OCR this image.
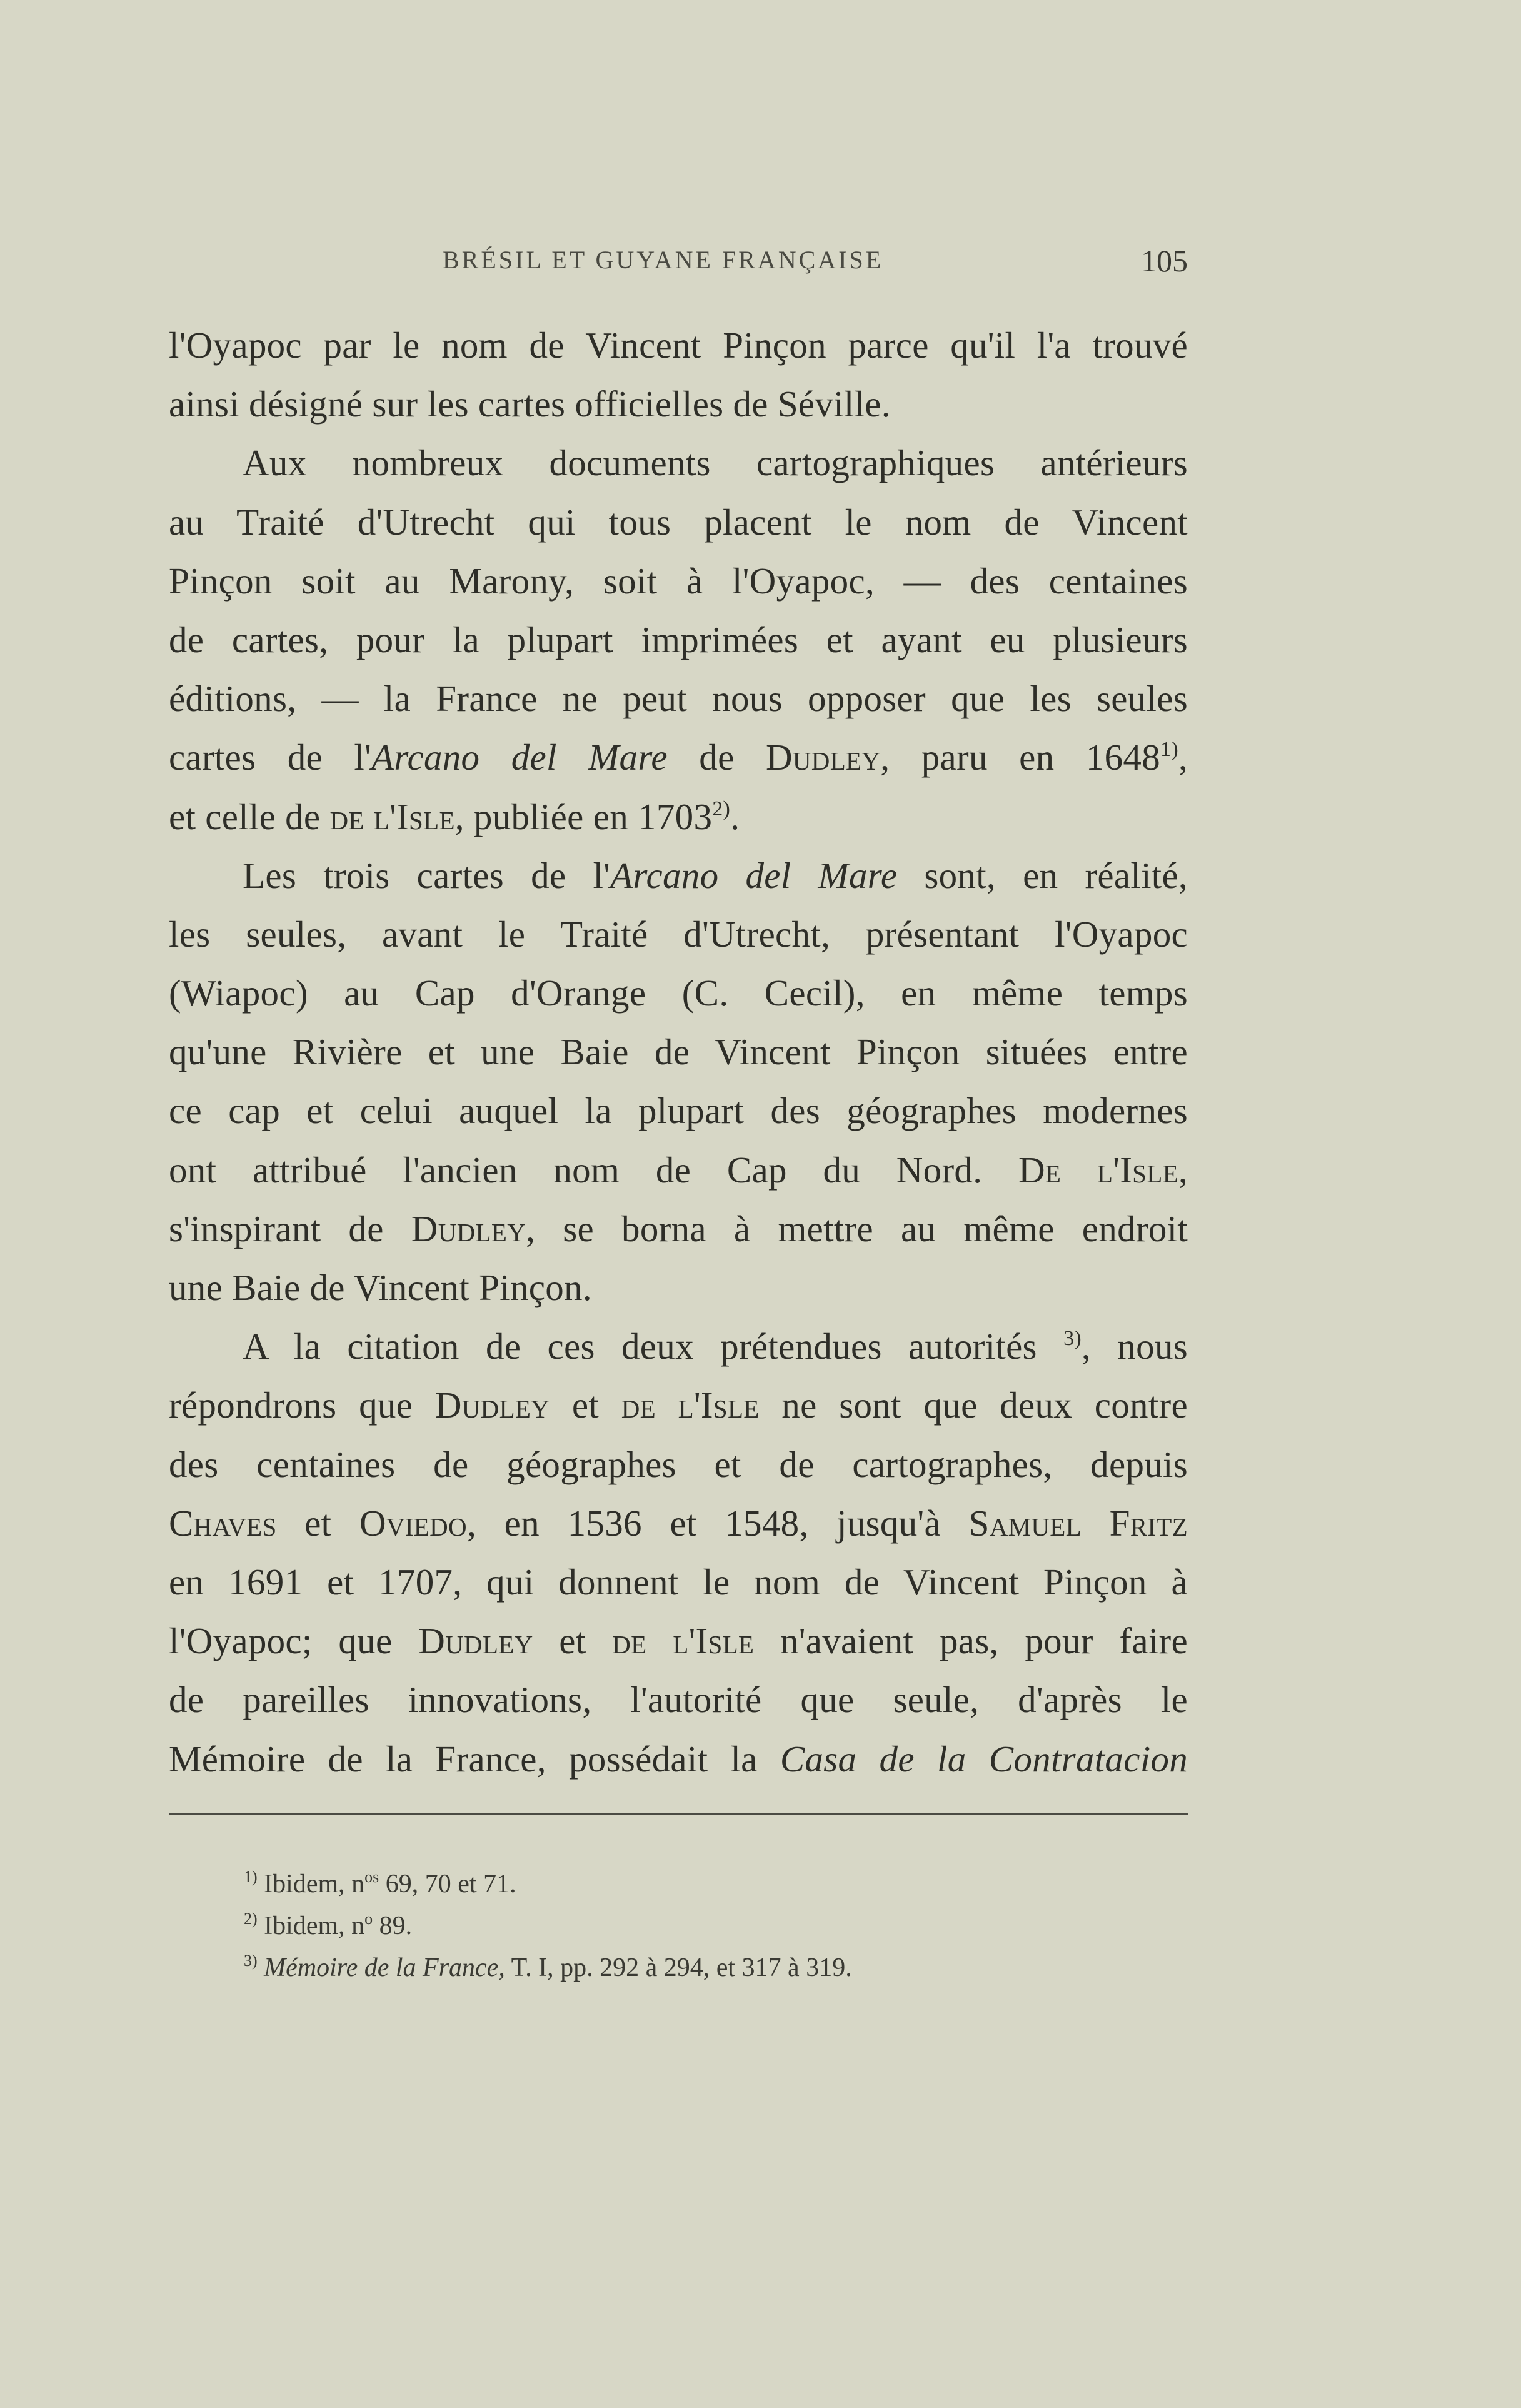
BRÉSIL ET GUYANE FRANÇAISE	105
l'Oyapoc par le nom de Vincent Pinçon parce qu'il l'a trouvé
ainsi désigné sur les cartes officielles de Séville.
Aux nombreux documents cartographiques antérieurs
au Traité d'Utrecht qui tous placent le nom de Vincent
Pinçon soit au Marony, soit à l'Oyapoc, — des centaines
de cartes, pour la plupart imprimées et ayant eu plusieurs
éditions, — la France ne peut nous opposer que les seules
cartes de l'Arcano del Mare de Dudley, paru en 1648$^{1)}$,
et celle de de l'Isle, publiée en 1703$^{2)}$.
Les trois cartes de l'Arcano del Mare sont, en réalité,
les seules, avant le Traité d'Utrecht, présentant l'Oyapoc
(Wiapoc) au Cap d'Orange (C. Cecil), en même temps
qu'une Rivière et une Baie de Vincent Pinçon situées entre
ce cap et celui auquel la plupart des géographes modernes
ont attribué l'ancien nom de Cap du Nord. De l'Isle,
s'inspirant de Dudley, se borna à mettre au même endroit
une Baie de Vincent Pinçon.
A la citation de ces deux prétendues autorités $^{3)}$, nous
répondrons que Dudley et de l'Isle ne sont que deux contre
des centaines de géographes et de cartographes, depuis
Chaves et Oviedo, en 1536 et 1548, jusqu'à Samuel Fritz
en 1691 et 1707, qui donnent le nom de Vincent Pinçon à
l'Oyapoc; que Dudley et de l'Isle n'avaient pas, pour faire
de pareilles innovations, l'autorité que seule, d'après le
Mémoire de la France, possédait la Casa de la Contratacion
$^{1)}$ Ibidem, $n^{os}$ 69, 70 et 71.
$^{2)}$ Ibidem, $n^o$ 89.
$^{3)}$ Mémoire de la France, T. I, pp. 292 à 294, et 317 à 319.
